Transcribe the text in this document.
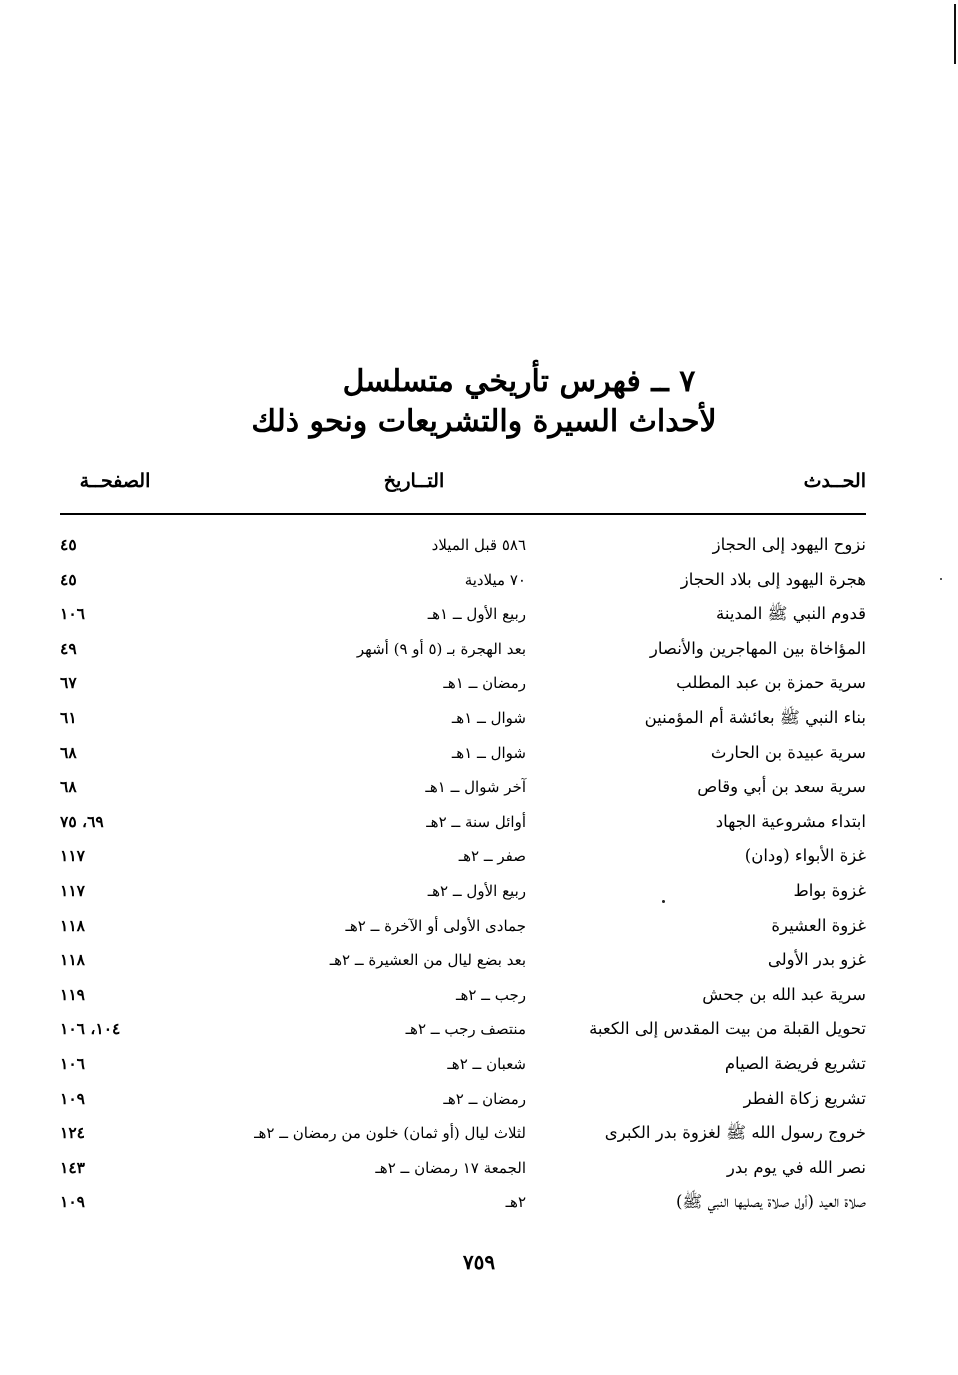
٧ ــ فهرس تأريخي متسلسل
لأحداث السيرة والتشريعات ونحو ذلك
الحــدث
التــاريخ
الصفحــة
نزوح اليهود إلى الحجاز
٥٨٦ قبل الميلاد
٤٥
هجرة اليهود إلى بلاد الحجاز
٧٠ ميلادية
٤٥
قدوم النبي ﷺ المدينة
ربيع الأول ــ ١هـ
١٠٦
المؤاخاة بين المهاجرين والأنصار
بعد الهجرة بـ (٥ أو ٩) أشهر
٤٩
سرية حمزة بن عبد المطلب
رمضان ــ ١هـ
٦٧
بناء النبي ﷺ بعائشة أم المؤمنين
شوال ــ ١هـ
٦١
سرية عبيدة بن الحارث
شوال ــ ١هـ
٦٨
سرية سعد بن أبي وقاص
آخر شوال ــ ١هـ
٦٨
ابتداء مشروعية الجهاد
أوائل سنة ــ ٢هـ
٦٩، ٧٥
غزة الأبواء (ودان)
صفر ــ ٢هـ
١١٧
غزوة بواط
ربيع الأول ــ ٢هـ
١١٧
غزوة العشيرة
جمادى الأولى أو الآخرة ــ ٢هـ
١١٨
غزو بدر الأولى
بعد بضع ليال من العشيرة ــ ٢هـ
١١٨
سرية عبد الله بن جحش
رجب ــ ٢هـ
١١٩
تحويل القبلة من بيت المقدس إلى الكعبة
منتصف رجب ــ ٢هـ
١٠٤، ١٠٦
تشريع فريضة الصيام
شعبان ــ ٢هـ
١٠٦
تشريع زكاة الفطر
رمضان ــ ٢هـ
١٠٩
خروج رسول الله ﷺ لغزوة بدر الكبرى
لثلاث ليال (أو ثمان) خلون من رمضان ــ ٢هـ
١٢٤
نصر الله في يوم بدر
الجمعة ١٧ رمضان ــ ٢هـ
١٤٣
صلاة العيد (أول صلاة يصليها النبي ﷺ)
٢هـ
١٠٩
٧٥٩
